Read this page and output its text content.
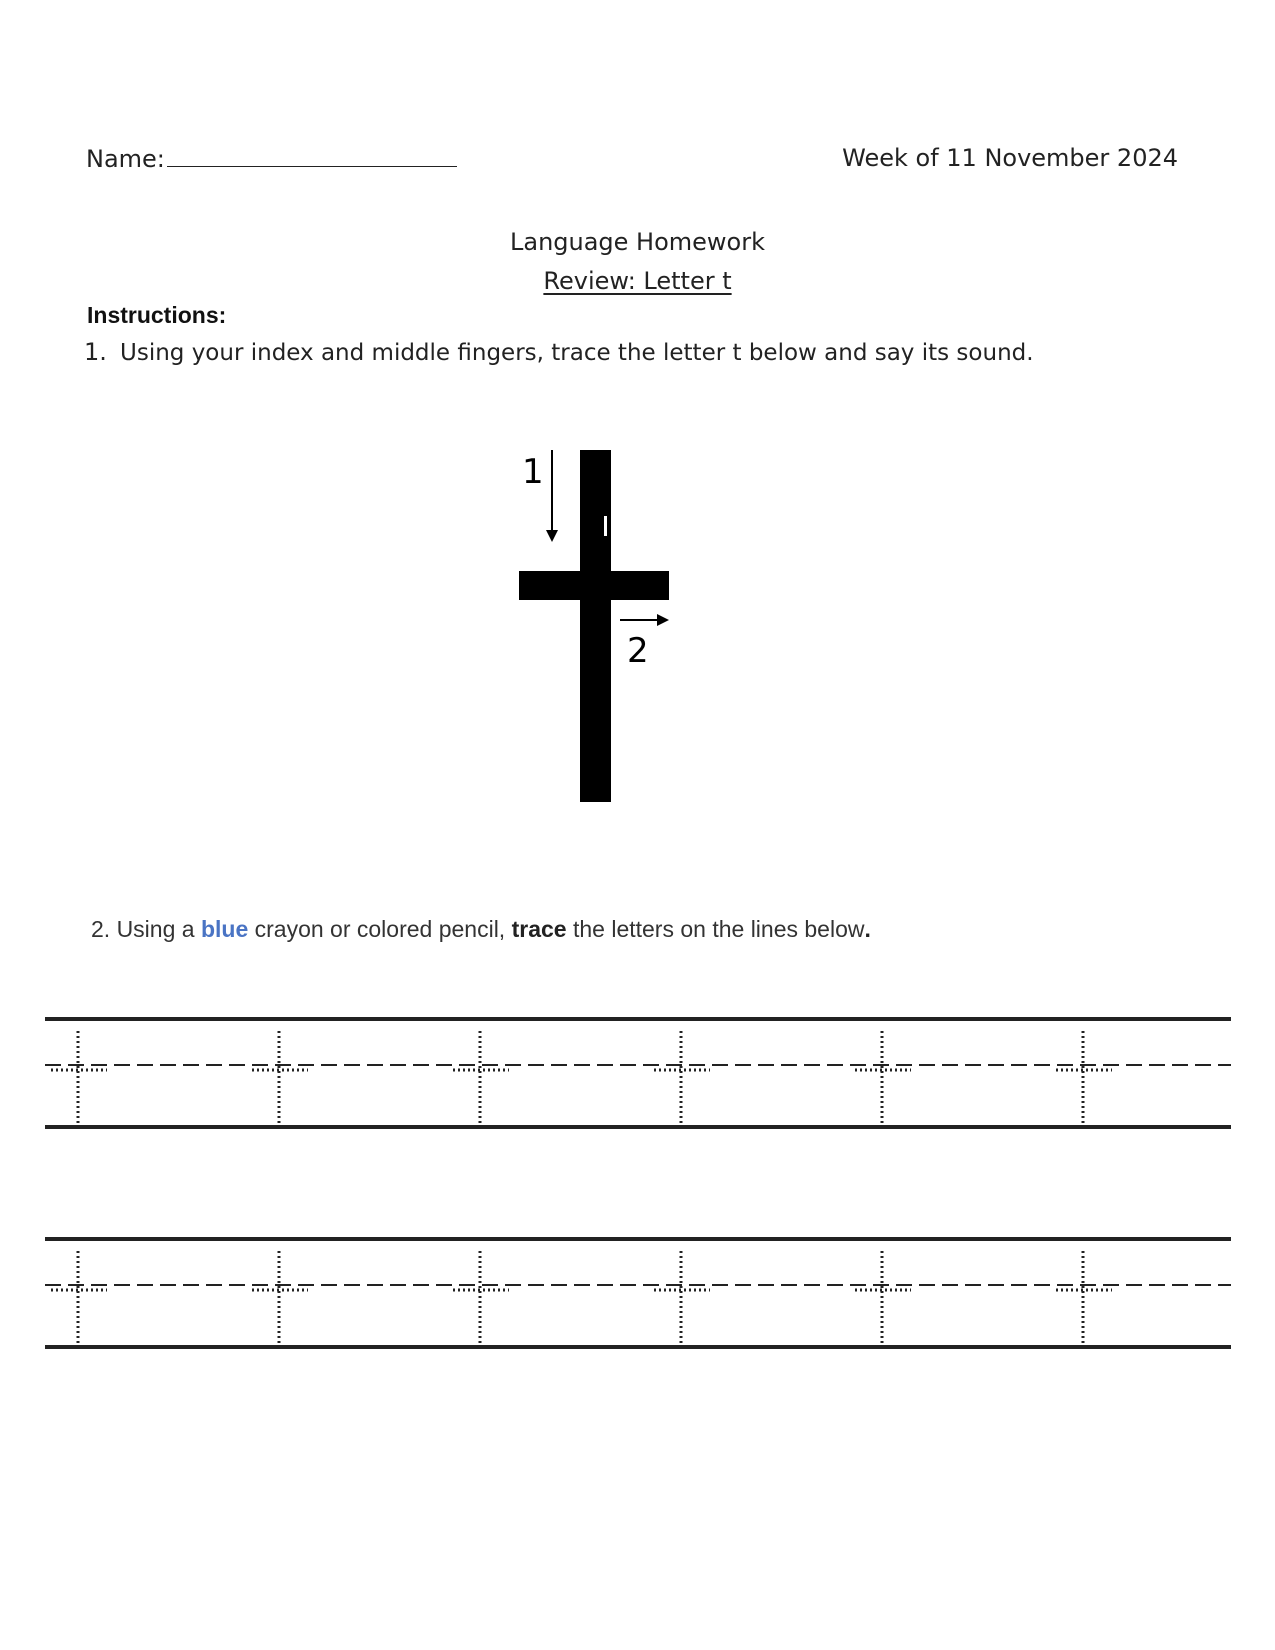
Name:	Week of 11 November 2024
Language Homework
Review: Letter t
Instructions:
1. Using your index and middle fingers, trace the letter t below and say its sound.
1
2
2. Using a blue crayon or colored pencil, trace the letters on the lines below.
